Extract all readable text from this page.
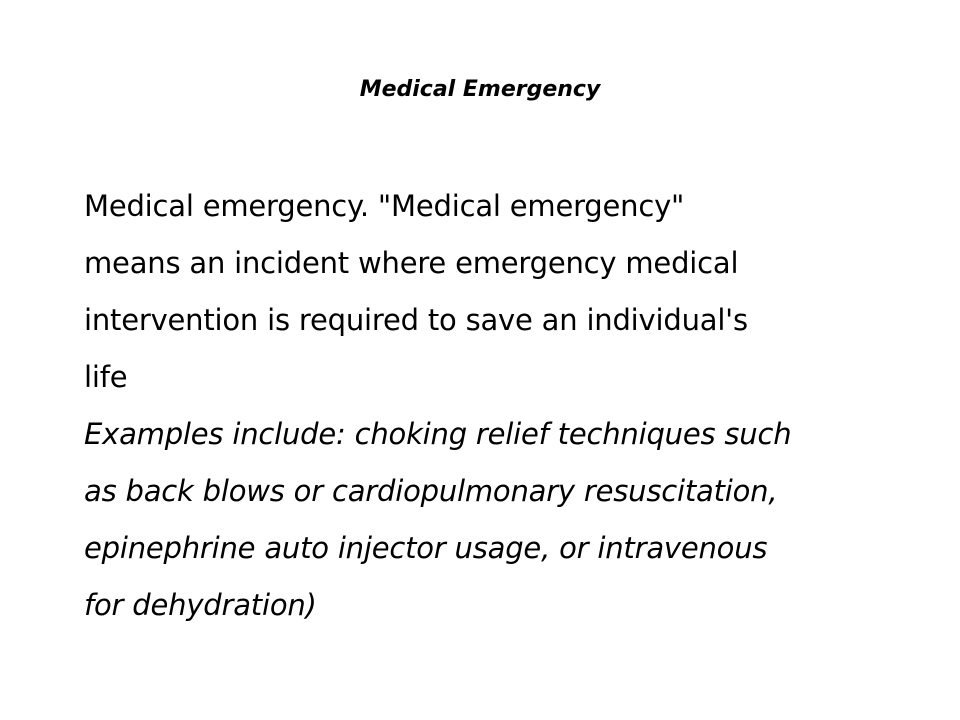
Medical Emergency

Medical emergency. "Medical emergency"
means an incident where emergency medical
intervention is required to save an individual's
life

Examples include: choking relief techniques such
as back blows or cardiopulmonary resuscitation,
epinephrine auto injector usage, or intravenous
for dehydration)
